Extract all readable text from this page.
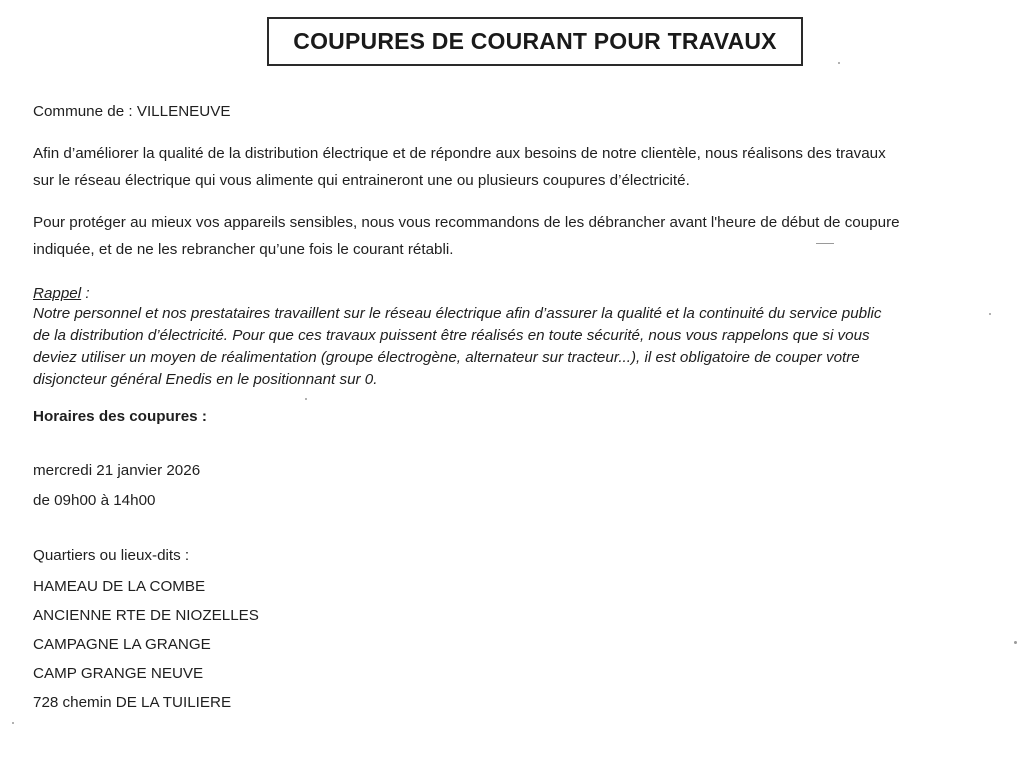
COUPURES DE COURANT POUR TRAVAUX
Commune de : VILLENEUVE
Afin d’améliorer la qualité de la distribution électrique et de répondre aux besoins de notre clientèle, nous réalisons des travaux
sur le réseau électrique qui vous alimente qui entraineront une ou plusieurs coupures d’électricité.
Pour protéger au mieux vos appareils sensibles, nous vous recommandons de les débrancher avant l'heure de début de coupure
indiquée, et de ne les rebrancher qu’une fois le courant rétabli.
Rappel :
Notre personnel et nos prestataires travaillent sur le réseau électrique afin d’assurer la qualité et la continuité du service public
de la distribution d’électricité. Pour que ces travaux puissent être réalisés en toute sécurité, nous vous rappelons que si vous
deviez utiliser un moyen de réalimentation (groupe électrogène, alternateur sur tracteur...), il est obligatoire de couper votre
disjoncteur général Enedis en le positionnant sur 0.
Horaires des coupures :
mercredi 21 janvier 2026
de 09h00 à 14h00
Quartiers ou lieux-dits :
HAMEAU DE LA COMBE
ANCIENNE RTE DE NIOZELLES
CAMPAGNE LA GRANGE
CAMP GRANGE NEUVE
728 chemin DE LA TUILIERE
